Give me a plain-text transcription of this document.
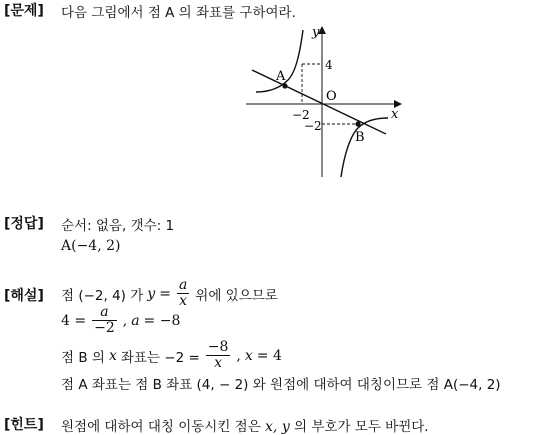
[문제] 다음 그림에서 점 A 의 좌표를 구하여라.
y
x
O
4
−2
−2
A
B
[정답] 순서: 없음, 갯수: 1
A(−4, 2)
[해설] 점 (−2, 4) 가 $y = \frac{a}{x}$ 위에 있으므로
$4 = \frac{a}{-2}$ , a = −8
점 B 의 x 좌표는 $-2 = \frac{-8}{x}$ , x = 4
점 A 좌표는 점 B 좌표 (4, − 2) 와 원점에 대하여 대칭이므로 점 A(−4, 2)
[힌트] 원점에 대하여 대칭 이동시킨 점은 x, y 의 부호가 모두 바뀐다.
